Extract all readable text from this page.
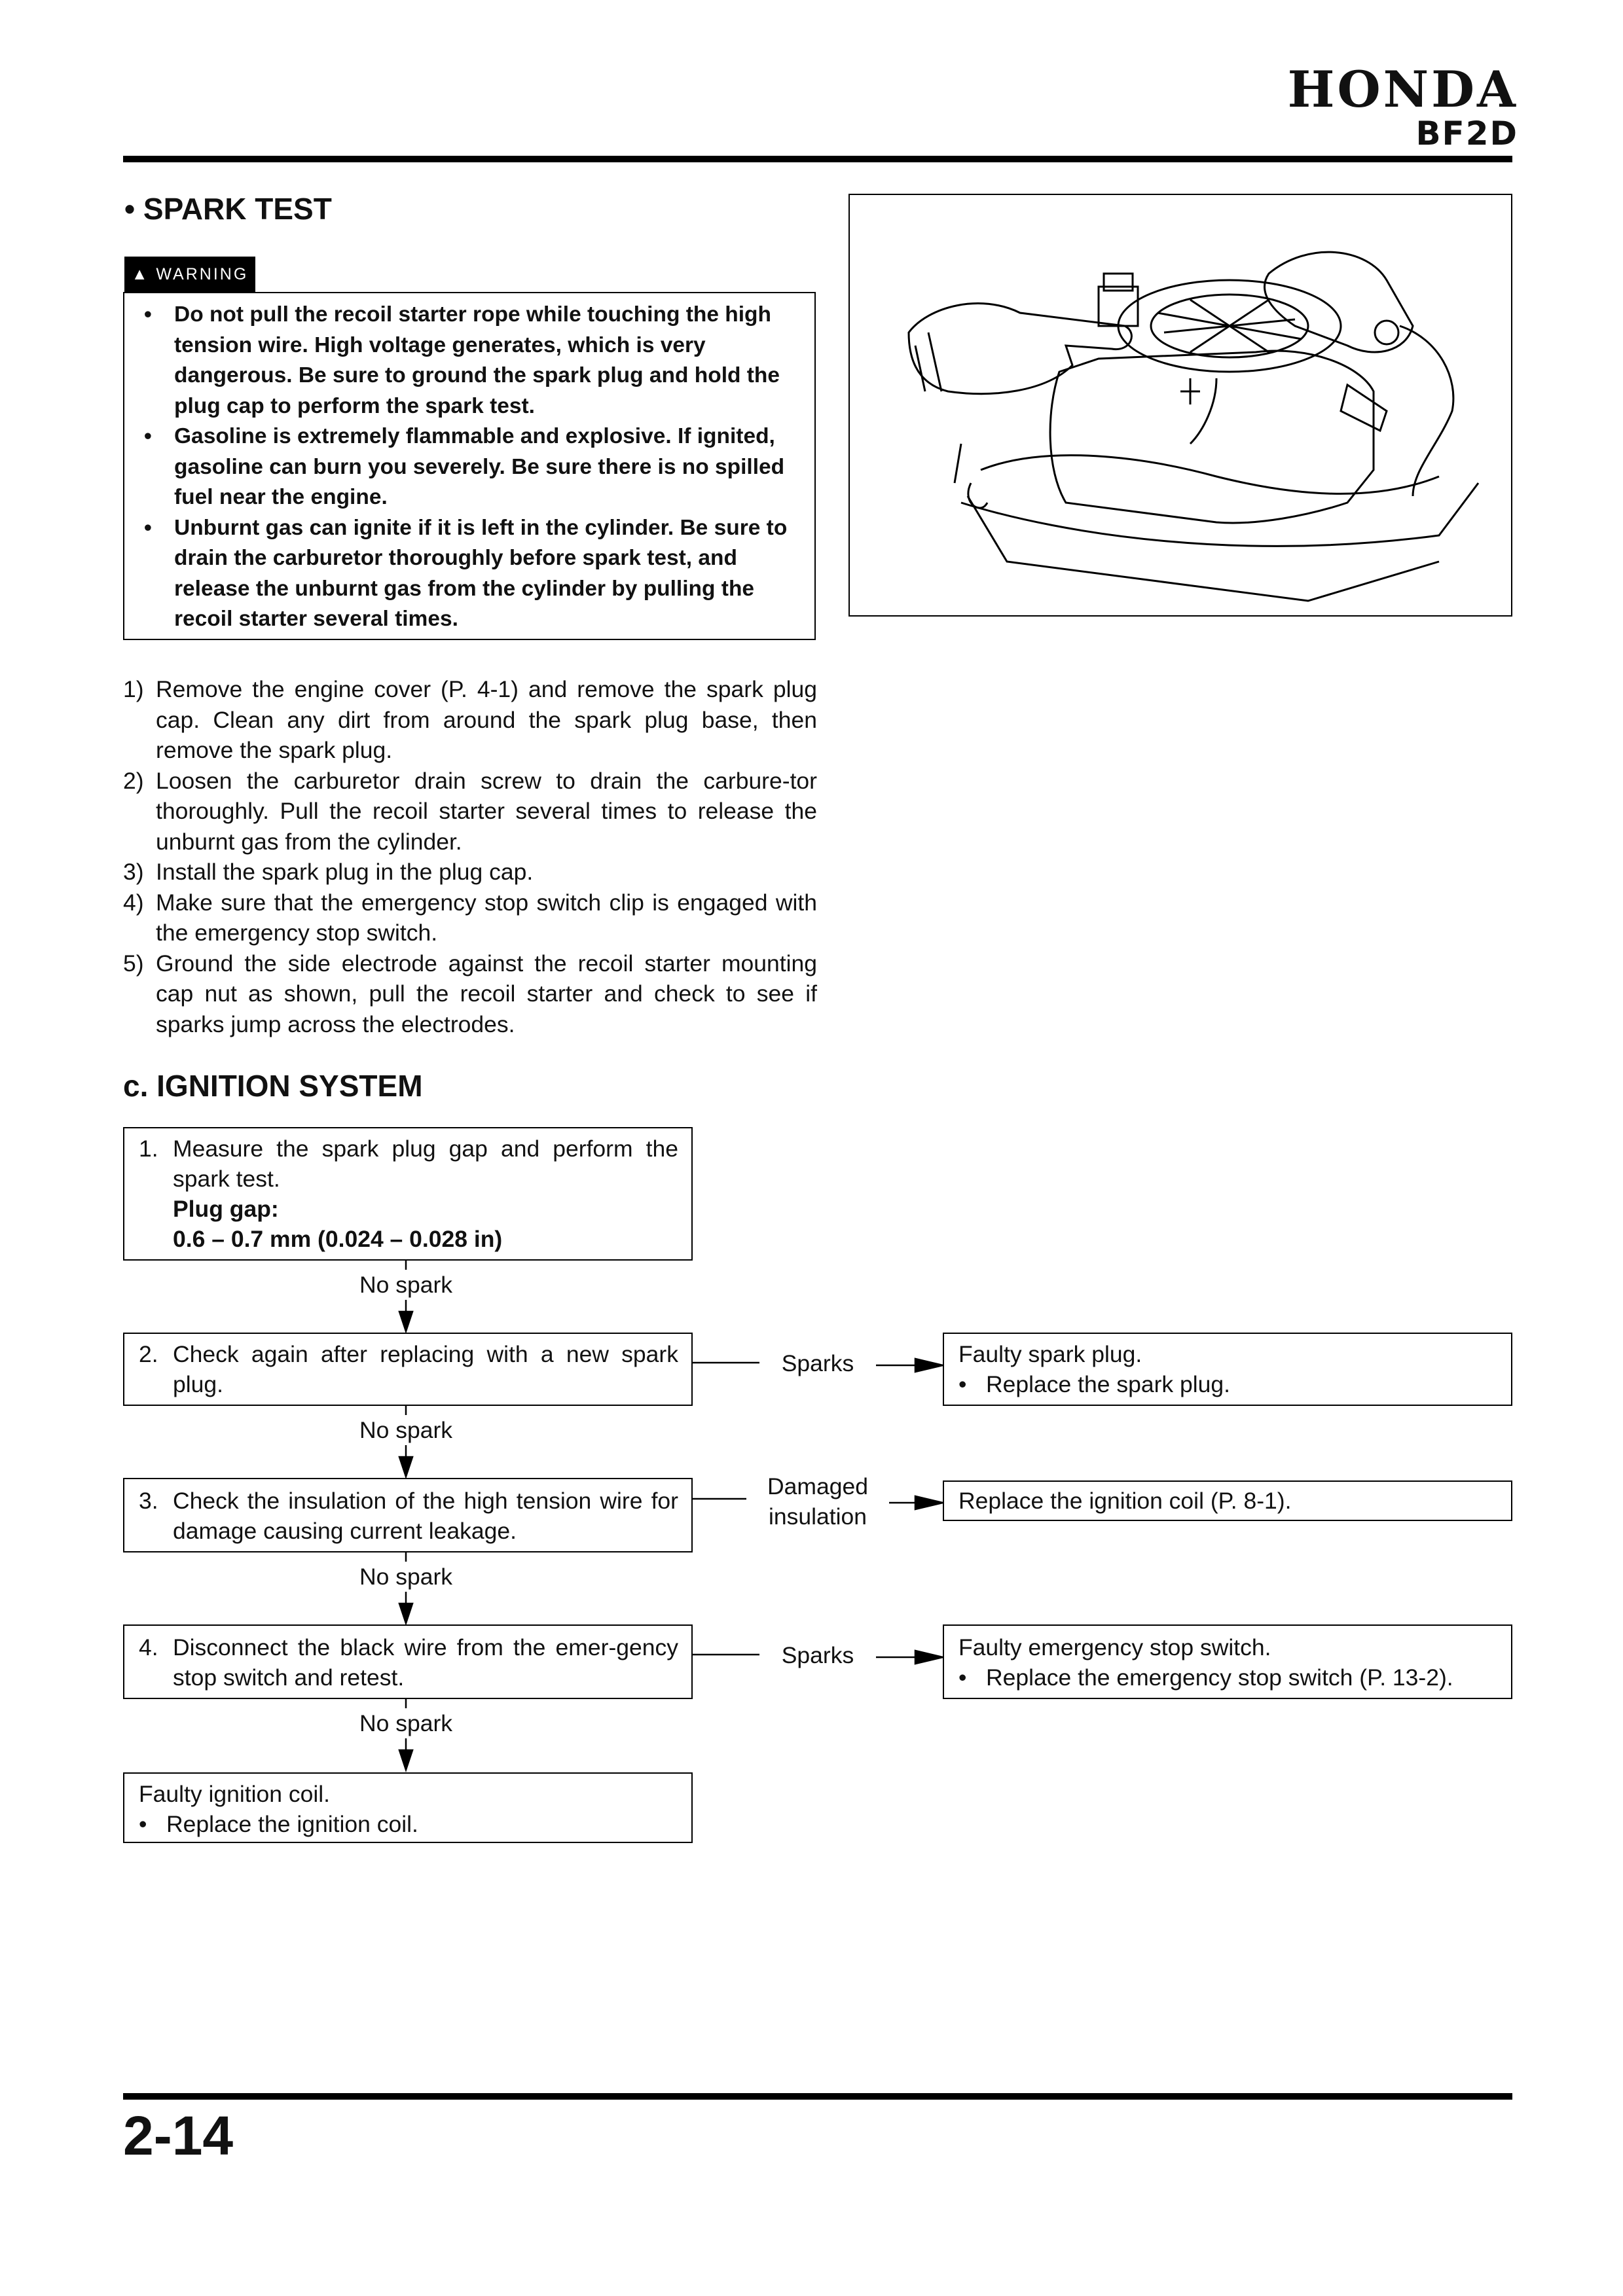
HONDA
BF2D
• SPARK TEST
▲ WARNING
• Do not pull the recoil starter rope while touching the high tension wire. High voltage generates, which is very dangerous. Be sure to ground the spark plug and hold the plug cap to perform the spark test.
• Gasoline is extremely flammable and explosive. If ignited, gasoline can burn you severely. Be sure there is no spilled fuel near the engine.
• Unburnt gas can ignite if it is left in the cylinder. Be sure to drain the carburetor thoroughly before spark test, and release the unburnt gas from the cylinder by pulling the recoil starter several times.
1) Remove the engine cover (P. 4-1) and remove the spark plug cap. Clean any dirt from around the spark plug base, then remove the spark plug.
2) Loosen the carburetor drain screw to drain the carbure-tor thoroughly. Pull the recoil starter several times to release the unburnt gas from the cylinder.
3) Install the spark plug in the plug cap.
4) Make sure that the emergency stop switch clip is engaged with the emergency stop switch.
5) Ground the side electrode against the recoil starter mounting cap nut as shown, pull the recoil starter and check to see if sparks jump across the electrodes.
c. IGNITION SYSTEM
1. Measure the spark plug gap and perform the spark test.
Plug gap:
0.6 – 0.7 mm (0.024 – 0.028 in)
No spark
2. Check again after replacing with a new spark plug.
No spark
Sparks	Faulty spark plug.
•   Replace the spark plug.
3. Check the insulation of the high tension wire for damage causing current leakage.
No spark
Damaged
insulation
Replace the ignition coil (P. 8-1).
4. Disconnect the black wire from the emer-gency stop switch and retest.
No spark
Sparks	Faulty emergency stop switch.
•   Replace the emergency stop switch (P. 13-2).
Faulty ignition coil.
•   Replace the ignition coil.
2-14
